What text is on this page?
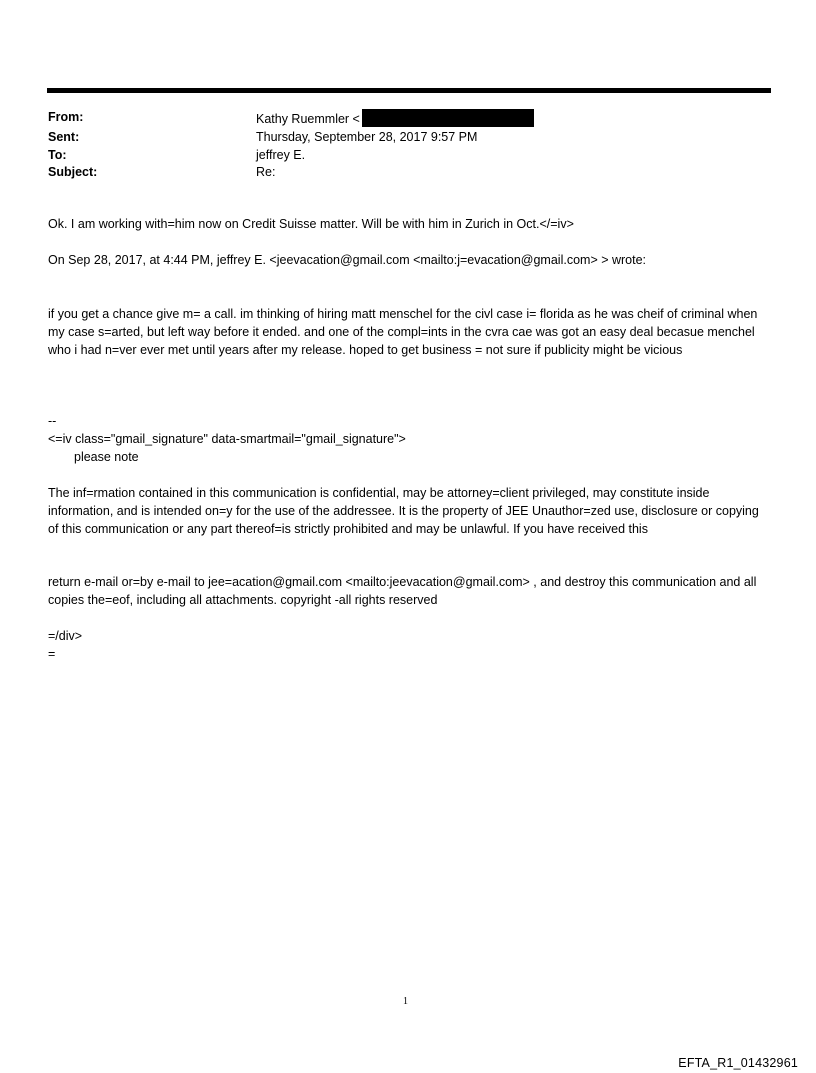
From:	Kathy Ruemmler <
Sent:	Thursday, September 28, 2017 9:57 PM
To:	jeffrey E.
Subject:	Re:
Ok. I am working with=him now on Credit Suisse matter. Will be with him in Zurich in Oct.</=iv>
On Sep 28, 2017, at 4:44 PM, jeffrey E. <jeevacation@gmail.com <mailto:j=evacation@gmail.com> > wrote:
if you get a chance give m= a call. im thinking of hiring matt menschel for the civl case i= florida as he was cheif of criminal when my case s=arted, but left way before it ended. and one of the compl=ints in the cvra cae was got an easy deal becasue menchel who i had n=ver ever met until years after my release. hoped to get business = not sure if publicity might be vicious
--
<=iv class="gmail_signature" data-smartmail="gmail_signature">
please note
The inf=rmation contained in this communication is confidential, may be attorney=client privileged, may constitute inside information, and is intended on=y for the use of the addressee. It is the property of JEE Unauthor=zed use, disclosure or copying of this communication or any part thereof=is strictly prohibited and may be unlawful. If you have received this
return e-mail or=by e-mail to jee=acation@gmail.com <mailto:jeevacation@gmail.com> , and destroy this communication and all copies the=eof, including all attachments. copyright -all rights reserved
=/div>
=
1
EFTA_R1_01432961
